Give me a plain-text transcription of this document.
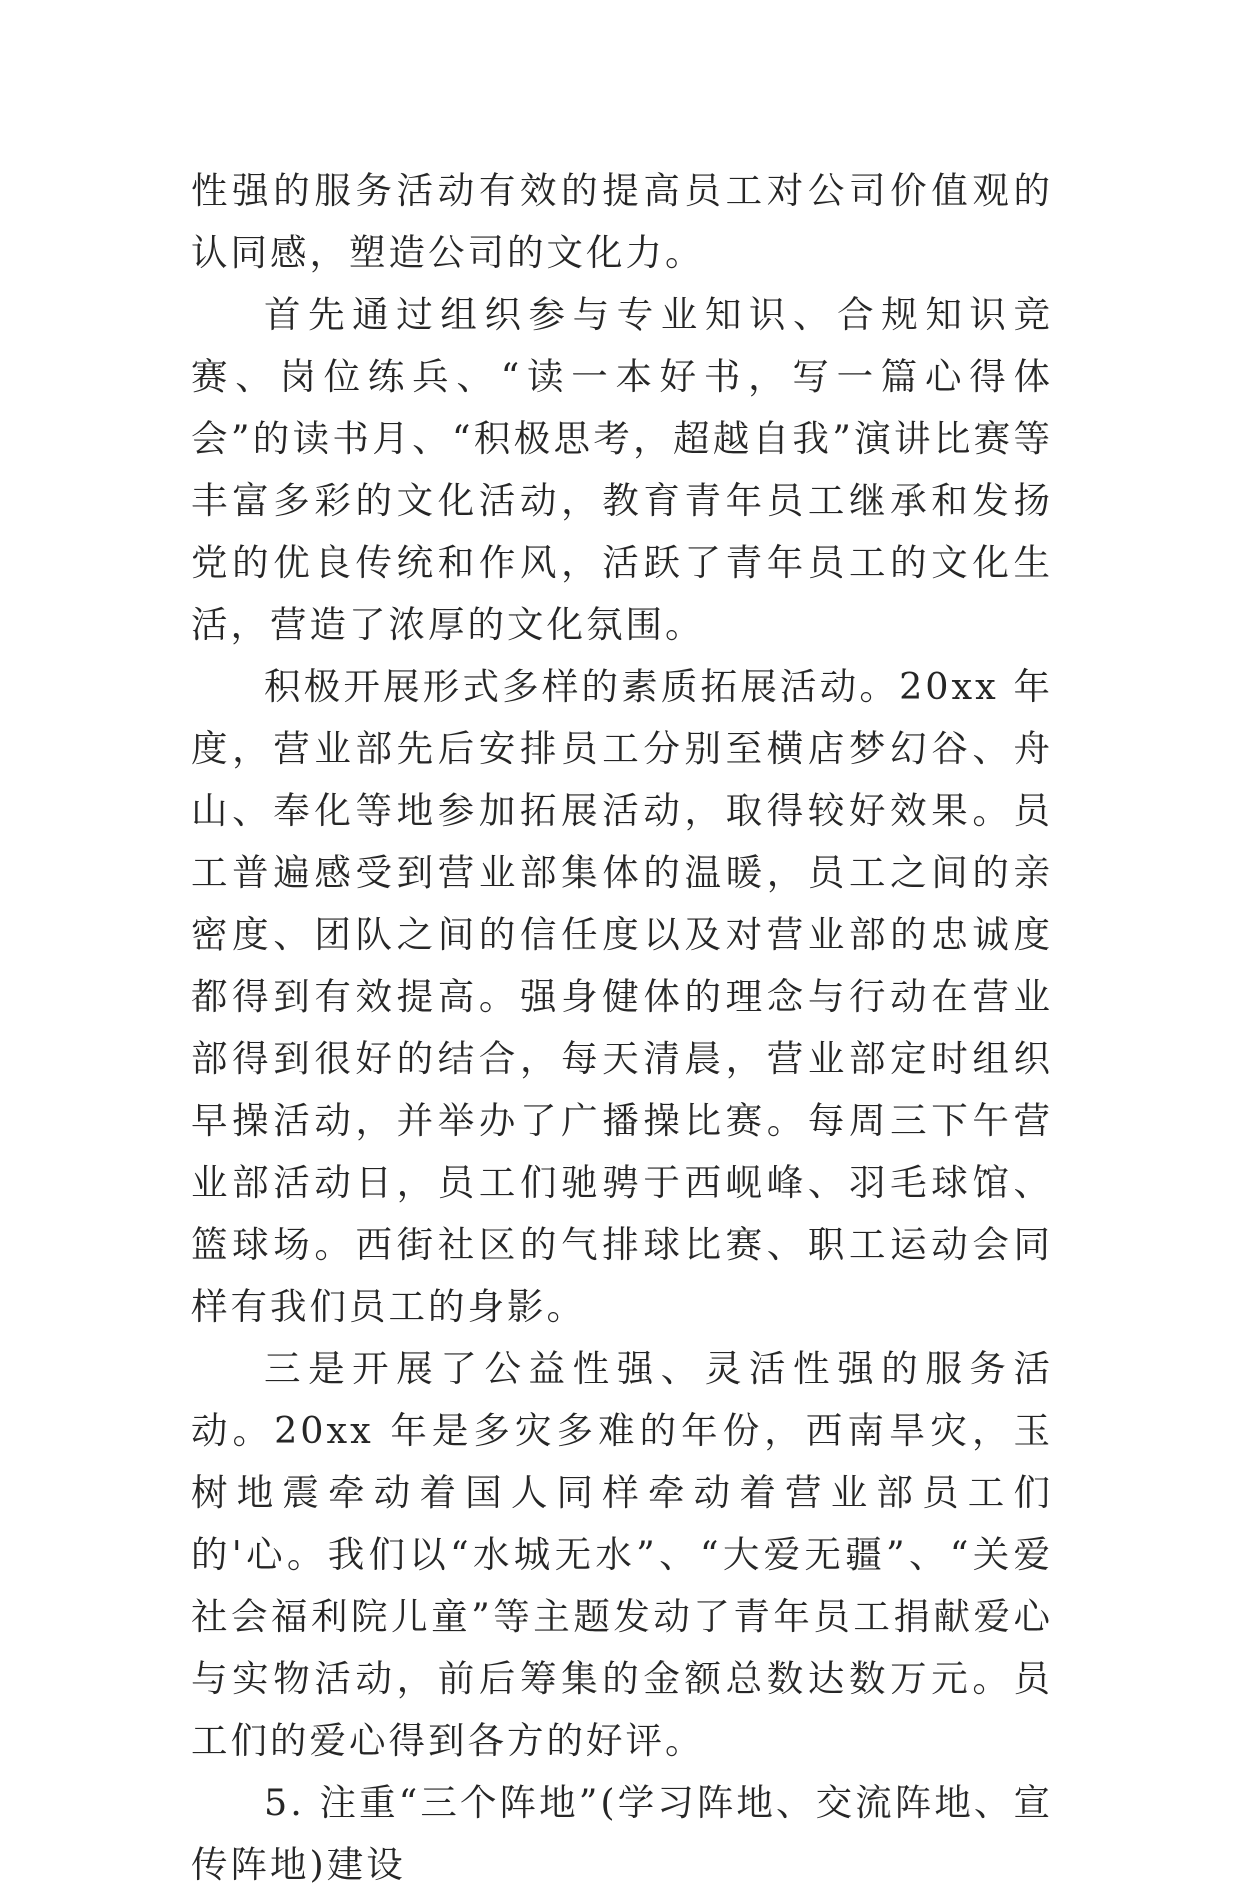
性强的服务活动有效的提高员工对公司价值观的认同感，塑造公司的文化力。

首先通过组织参与专业知识、合规知识竞赛、岗位练兵、“读一本好书，写一篇心得体会”的读书月、“积极思考，超越自我”演讲比赛等丰富多彩的文化活动，教育青年员工继承和发扬党的优良传统和作风，活跃了青年员工的文化生活，营造了浓厚的文化氛围。

积极开展形式多样的素质拓展活动。20xx 年度，营业部先后安排员工分别至横店梦幻谷、舟山、奉化等地参加拓展活动，取得较好效果。员工普遍感受到营业部集体的温暖，员工之间的亲密度、团队之间的信任度以及对营业部的忠诚度都得到有效提高。强身健体的理念与行动在营业部得到很好的结合，每天清晨，营业部定时组织早操活动，并举办了广播操比赛。每周三下午营业部活动日，员工们驰骋于西岘峰、羽毛球馆、篮球场。西街社区的气排球比赛、职工运动会同样有我们员工的身影。

三是开展了公益性强、灵活性强的服务活动。20xx 年是多灾多难的年份，西南旱灾，玉树地震牵动着国人同样牵动着营业部员工们的'心。我们以“水城无水”、“大爱无疆”、“关爱社会福利院儿童”等主题发动了青年员工捐献爱心与实物活动，前后筹集的金额总数达数万元。员工们的爱心得到各方的好评。

5. 注重“三个阵地”(学习阵地、交流阵地、宣传阵地)建设
